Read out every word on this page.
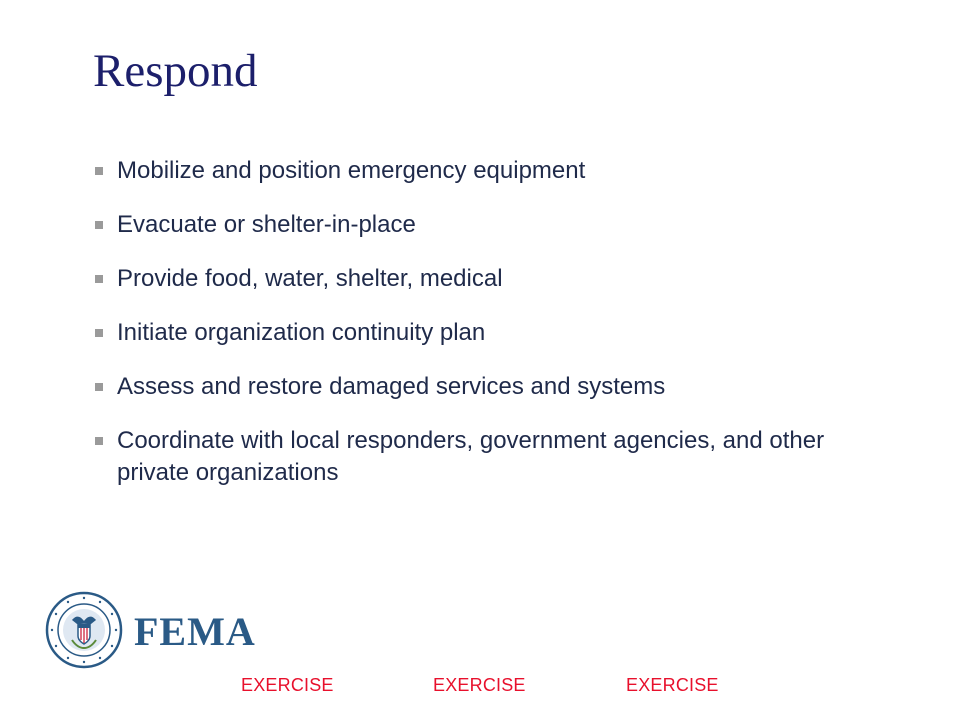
Respond
Mobilize and position emergency equipment
Evacuate or shelter-in-place
Provide food, water, shelter, medical
Initiate organization continuity plan
Assess and restore damaged services and systems
Coordinate with local responders, government agencies, and other private organizations
FEMA
EXERCISE	EXERCISE	EXERCISE
